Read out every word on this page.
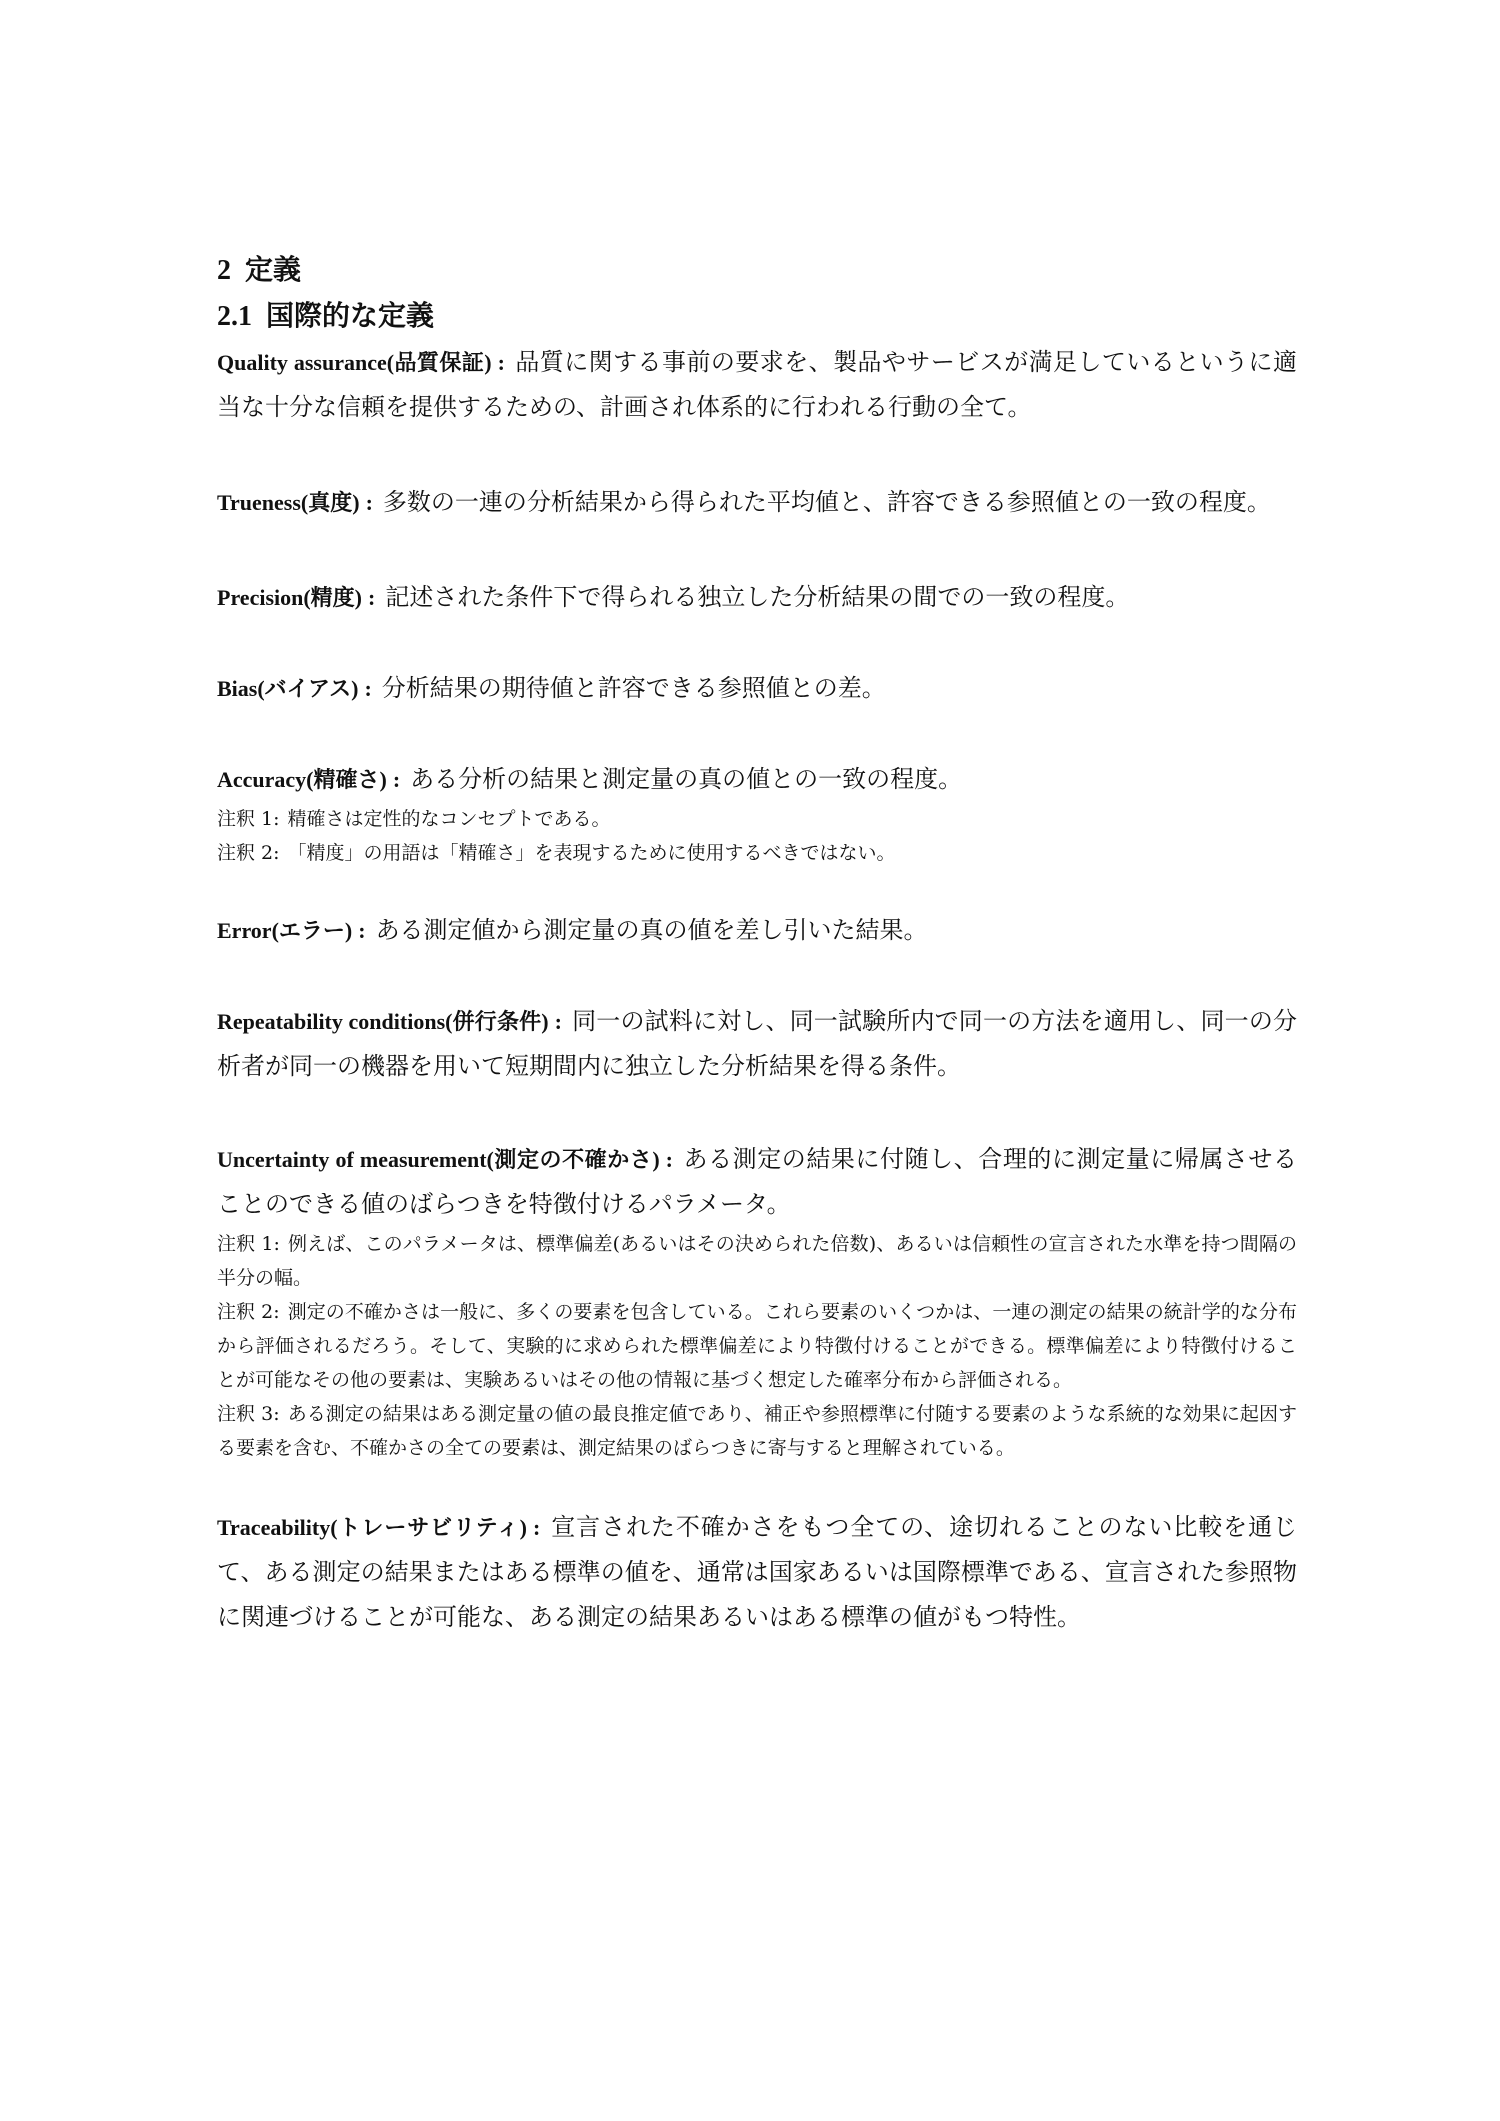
2 定義
2.1 国際的な定義

Quality assurance(品質保証) : 品質に関する事前の要求を、製品やサービスが満足しているというに適当な十分な信頼を提供するための、計画され体系的に行われる行動の全て。

Trueness(真度) : 多数の一連の分析結果から得られた平均値と、許容できる参照値との一致の程度。

Precision(精度) : 記述された条件下で得られる独立した分析結果の間での一致の程度。

Bias(バイアス) : 分析結果の期待値と許容できる参照値との差。

Accuracy(精確さ) : ある分析の結果と測定量の真の値との一致の程度。

注釈 1: 精確さは定性的なコンセプトである。

注釈 2: 「精度」の用語は「精確さ」を表現するために使用するべきではない。

Error(エラー) : ある測定値から測定量の真の値を差し引いた結果。

Repeatability conditions(併行条件) : 同一の試料に対し、同一試験所内で同一の方法を適用し、同一の分析者が同一の機器を用いて短期間内に独立した分析結果を得る条件。

Uncertainty of measurement(測定の不確かさ) : ある測定の結果に付随し、合理的に測定量に帰属させることのできる値のばらつきを特徴付けるパラメータ。

注釈 1: 例えば、このパラメータは、標準偏差(あるいはその決められた倍数)、あるいは信頼性の宣言された水準を持つ間隔の半分の幅。

注釈 2: 測定の不確かさは一般に、多くの要素を包含している。これら要素のいくつかは、一連の測定の結果の統計学的な分布から評価されるだろう。そして、実験的に求められた標準偏差により特徴付けることができる。標準偏差により特徴付けることが可能なその他の要素は、実験あるいはその他の情報に基づく想定した確率分布から評価される。

注釈 3: ある測定の結果はある測定量の値の最良推定値であり、補正や参照標準に付随する要素のような系統的な効果に起因する要素を含む、不確かさの全ての要素は、測定結果のばらつきに寄与すると理解されている。

Traceability(トレーサビリティ) : 宣言された不確かさをもつ全ての、途切れることのない比較を通じて、ある測定の結果またはある標準の値を、通常は国家あるいは国際標準である、宣言された参照物に関連づけることが可能な、ある測定の結果あるいはある標準の値がもつ特性。
